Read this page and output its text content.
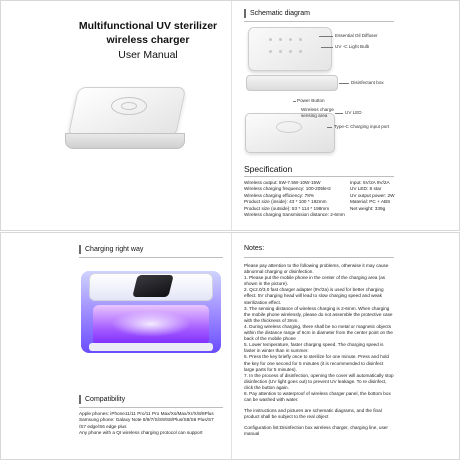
Multifunctional UV sterilizer
wireless charger
User Manual
Schematic diagram
Essential Oil Diffuser
UV -C Light Bulb
Disinfectant box
Power Button
Wireless charge sensing area	UV LED
Type-C Charging input port
Specification
Wireless output: 5W-7.5W-10W-15W	Input: 5V/2A 9V/2A
Wireless charging frequency: 100-205kHz	UV LED: 8 star
Wireless charging efficiency: 78%	UV output power: 2W
Product size (inside): 43 * 100 * 192mm	Material: PC + ABS
Product size (outside): 53 * 114 * 198mm	Net weight: 339g
Wireless charging transmission distance: 2-6mm
Charging right way
Compatibility
Apple phones: iPhone11/11 Pro/11 Pro Max/Xs/Max/Xr/X/8/8Plus
Samsung phone: Galaxy Note 8/9/7/S/S9/S8/Plus/S8/S8 Plus/S7
/S7 edge/S6 edge plus
Any phone with a QI wireless charging protocol can support
Notes:

Please pay attention to the following problems, otherwise it may cause abnormal charging or disinfection.

1. Please put the mobile phone in the center of the charging area (as shown in the picture).

2. Qc2.0/3.0 fast charger adapter (9V/2a) is used for better charging effect. 5V charging head will lead to slow charging speed and weak sterilization effect.

3. The sensing distance of wireless charging is 2-6mm. When charging the mobile phone wirelessly, please do not assemble the protective case with the thickness of 3mm.

4. During wireless charging, there shall be no metal or magnetic objects within the distance range of 6cm in diameter from the center point on the back of the mobile phone

5. Lower temperature, faster charging speed. The charging speed is faster in winter than in summer.

6. Press the key briefly once to sterilize for one minute. Press and hold the key for one second for 5 minutes (it is recommended to disinfect large parts for 5 minutes).

7. In the process of disinfection, opening the cover will automatically stop disinfection (UV light goes out) to prevent UV leakage. To re disinfect, click the button again.

8. Pay attention to waterproof of wireless charger panel, the bottom box can be washed with water.

The instructions and pictures are schematic diagrams, and the final product shall be subject to the real object

Configuration list:Disinfection box wireless charger, charging line, user manual
